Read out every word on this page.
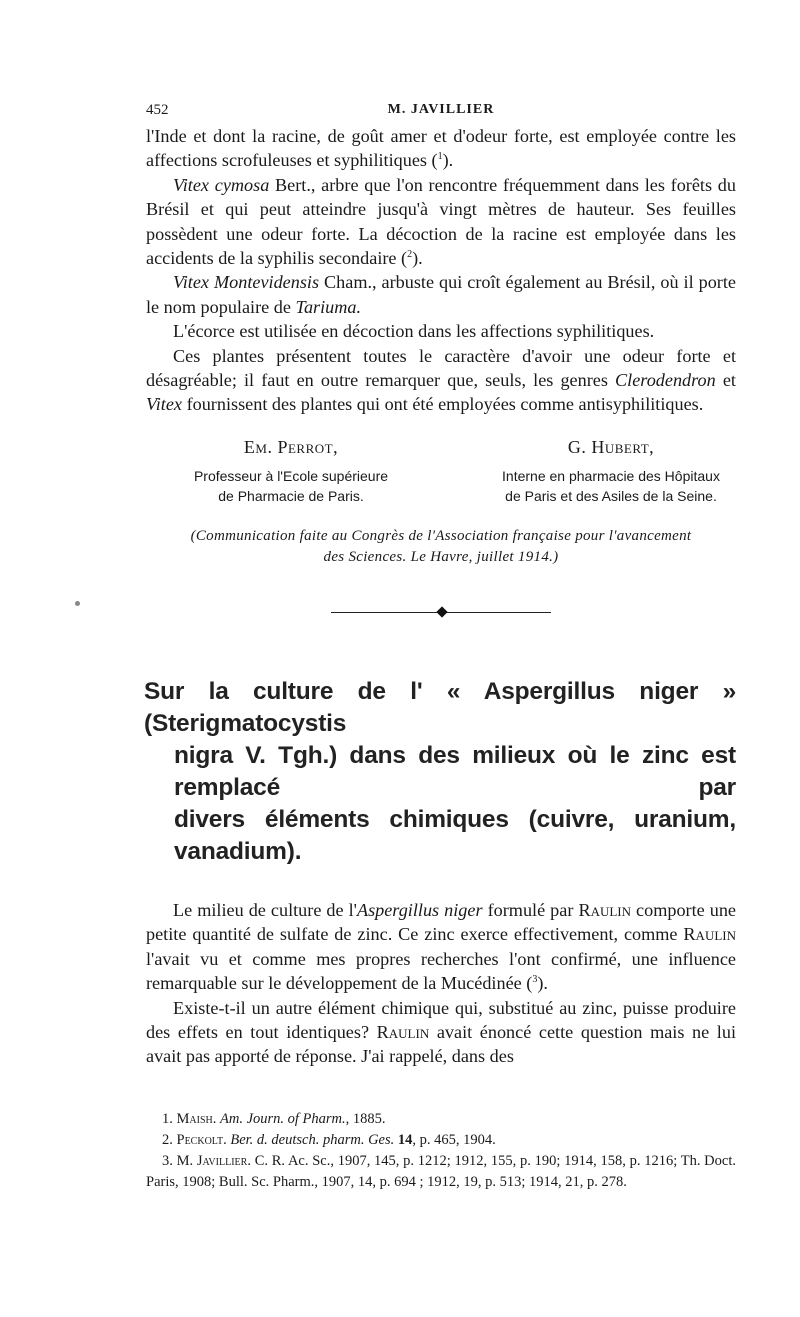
452	M. JAVILLIER

l'Inde et dont la racine, de goût amer et d'odeur forte, est employée contre les affections scrofuleuses et syphilitiques ($^1$).

Vitex cymosa Bert., arbre que l'on rencontre fréquemment dans les forêts du Brésil et qui peut atteindre jusqu'à vingt mètres de hauteur. Ses feuilles possèdent une odeur forte. La décoction de la racine est employée dans les accidents de la syphilis secondaire ($^2$).

Vitex Montevidensis Cham., arbuste qui croît également au Brésil, où il porte le nom populaire de Tariuma.

L'écorce est utilisée en décoction dans les affections syphilitiques.

Ces plantes présentent toutes le caractère d'avoir une odeur forte et désagréable; il faut en outre remarquer que, seuls, les genres Clerodendron et Vitex fournissent des plantes qui ont été employées comme antisyphilitiques.

Em. Perrot,
Professeur à l'Ecole supérieure
de Pharmacie de Paris.
G. Hubert,
Interne en pharmacie des Hôpitaux
de Paris et des Asiles de la Seine.
(Communication faite au Congrès de l'Association française pour l'avancement
des Sciences. Le Havre, juillet 1914.)
Sur la culture de l' « Aspergillus niger » (Sterigmatocystis
nigra V. Tgh.) dans des milieux où le zinc est remplacé par
divers éléments chimiques (cuivre, uranium, vanadium).

Le milieu de culture de l'Aspergillus niger formulé par Raulin comporte une petite quantité de sulfate de zinc. Ce zinc exerce effectivement, comme Raulin l'avait vu et comme mes propres recherches l'ont confirmé, une influence remarquable sur le développement de la Mucédinée ($^3$).

Existe-t-il un autre élément chimique qui, substitué au zinc, puisse produire des effets en tout identiques? Raulin avait énoncé cette question mais ne lui avait pas apporté de réponse. J'ai rappelé, dans des

1. Maish. Am. Journ. of Pharm., 1885.
2. Peckolt. Ber. d. deutsch. pharm. Ges. 14, p. 465, 1904.
3. M. Javillier. C. R. Ac. Sc., 1907, 145, p. 1212; 1912, 155, p. 190; 1914, 158, p. 1216; Th. Doct. Paris, 1908; Bull. Sc. Pharm., 1907, 14, p. 694 ; 1912, 19, p. 513; 1914, 21, p. 278.
